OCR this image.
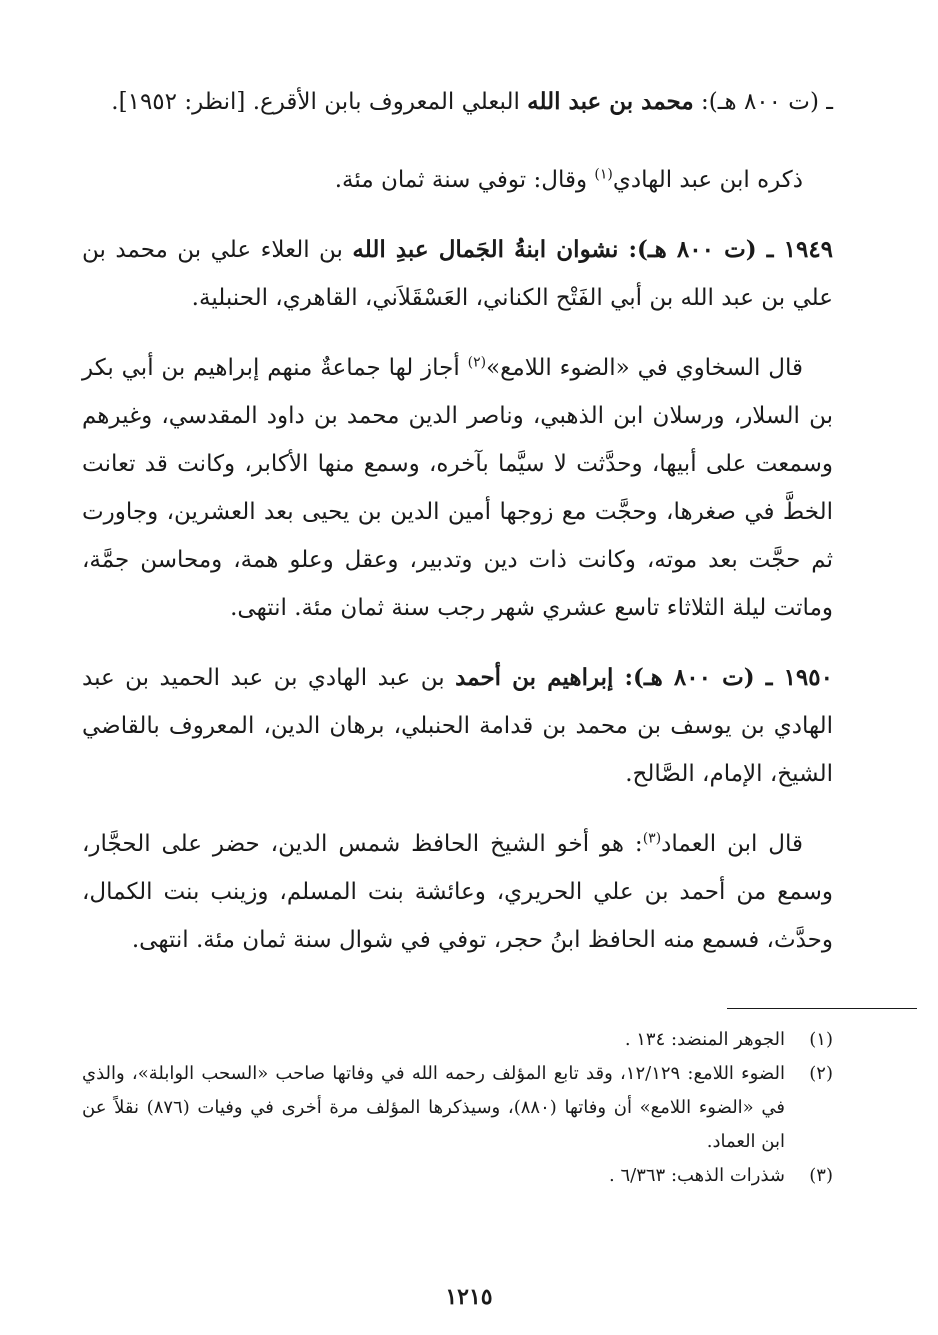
ـ (ت ٨٠٠ هـ): محمد بن عبد الله البعلي المعروف بابن الأقرع. [انظر: ١٩٥٢].

ذكره ابن عبد الهادي$^{(١)}$ وقال: توفي سنة ثمان مئة.

١٩٤٩ ـ (ت ٨٠٠ هـ): نشوان ابنةُ الجَمال عبدِ الله بن العلاء علي بن محمد بن علي بن عبد الله بن أبي الفَتْح الكناني، العَسْقَلاَني، القاهري، الحنبلية.

قال السخاوي في «الضوء اللامع»$^{(٢)}$ أجاز لها جماعةٌ منهم إبراهيم بن أبي بكر بن السلار، ورسلان ابن الذهبي، وناصر الدين محمد بن داود المقدسي، وغيرهم وسمعت على أبيها، وحدَّثت لا سيَّما بآخره، وسمع منها الأكابر، وكانت قد تعانت الخطَّ في صغرها، وحجَّت مع زوجها أمين الدين بن يحيى بعد العشرين، وجاورت ثم حجَّت بعد موته، وكانت ذات دين وتدبير، وعقل وعلو همة، ومحاسن جمَّة، وماتت ليلة الثلاثاء تاسع عشري شهر رجب سنة ثمان مئة. انتهى.

١٩٥٠ ـ (ت ٨٠٠ هـ): إبراهيم بن أحمد بن عبد الهادي بن عبد الحميد بن عبد الهادي بن يوسف بن محمد بن قدامة الحنبلي، برهان الدين، المعروف بالقاضي الشيخ، الإمام، الصَّالح.

قال ابن العماد$^{(٣)}$: هو أخو الشيخ الحافظ شمس الدين، حضر على الحجَّار، وسمع من أحمد بن علي الحريري، وعائشة بنت المسلم، وزينب بنت الكمال، وحدَّث، فسمع منه الحافظ ابنُ حجر، توفي في شوال سنة ثمان مئة. انتهى.

(١)
الجوهر المنضد: ١٣٤ .
(٢)
الضوء اللامع: ١٢/١٢٩، وقد تابع المؤلف رحمه الله في وفاتها صاحب «السحب الوابلة»، والذي في «الضوء اللامع» أن وفاتها (٨٨٠)، وسيذكرها المؤلف مرة أخرى في وفيات (٨٧٦) نقلاً عن ابن العماد.
(٣)
شذرات الذهب: ٦/٣٦٣ .
١٢١٥
